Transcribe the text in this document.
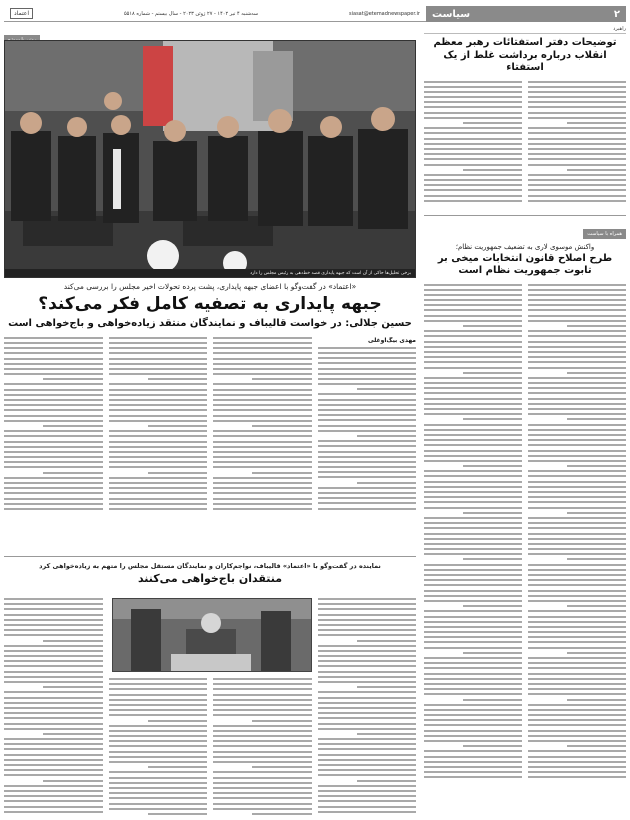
۲
سیاست
اعتماد	سه‌شنبه ۴ تیر ۱۴۰۲ - ۲۷ ژوئن ۲۰۲۳ - سال بیستم - شماره ۵۵۱۸	siasat@etemadnewspaper.ir
راهبرد
توضیحات دفتر استفتائات رهبر معظم انقلاب درباره برداشت غلط از یک استفتاء
همراه با سیاست
واکنش موسوی لاری به تضعیف جمهوریت نظام؛
طرح اصلاح قانون انتخابات میخی بر تابوت جمهوریت نظام است
برخی تحلیل‌ها حاکی از آن است که جبهه پایداری قصد خط‌دهی به رئیس مجلس را دارد
«اعتماد» در گفت‌وگو با اعضای جبهه پایداری، پشت پرده تحولات اخیر مجلس را بررسی می‌کند
جبهه پایداری به تصفیه کامل فکر می‌کند؟
حسین جلالی: در خواست قالیباف و نمایندگان منتقد زیاده‌خواهی و باج‌خواهی است
مهدی بیگ‌اوغلی
نماینده در گفت‌وگو با «اعتماد» قالیباف، نواجم‌کاران و نمایندگان مستقل مجلس را متهم به زیاده‌خواهی کرد
منتقدان باج‌خواهی می‌کنند
